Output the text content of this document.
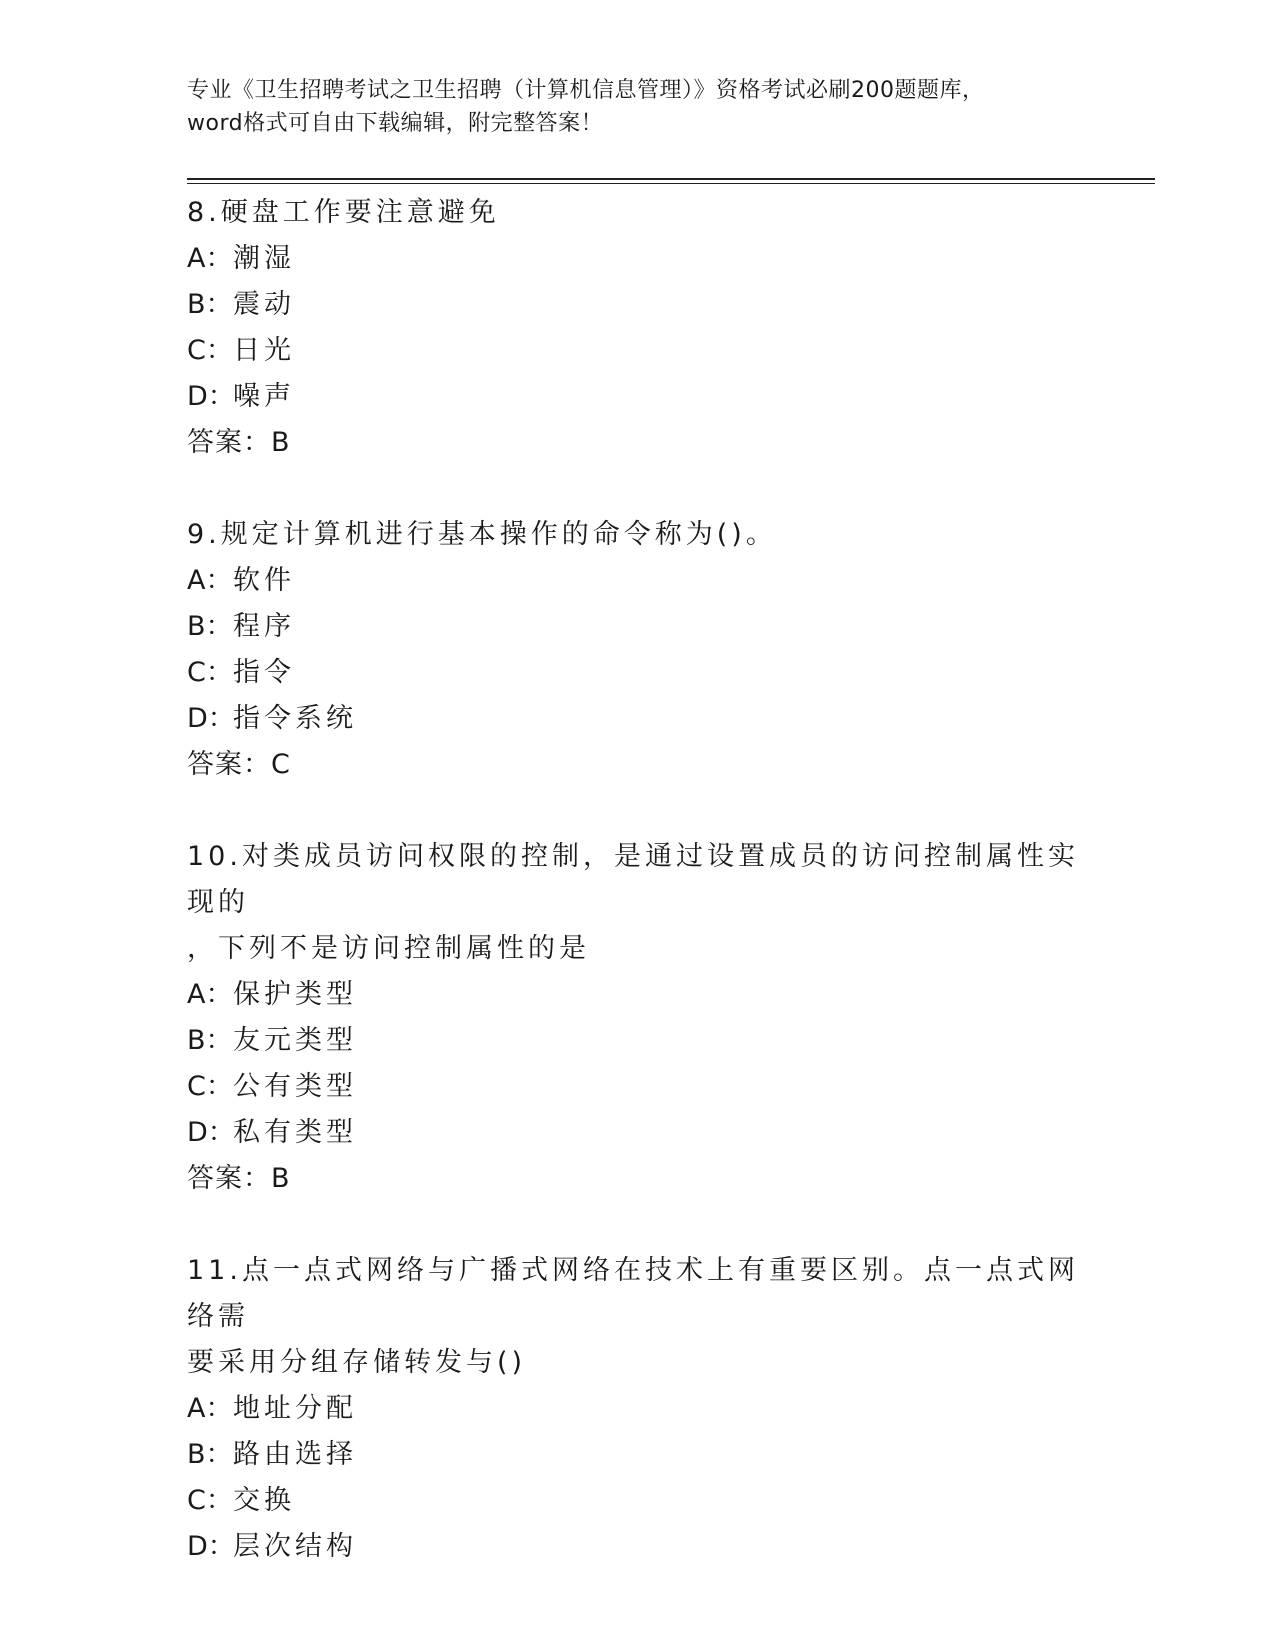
专业《卫生招聘考试之卫生招聘（计算机信息管理）》资格考试必刷200题题库，
word格式可自由下载编辑，附完整答案！
8.硬盘工作要注意避免
A：潮湿
B：震动
C：日光
D：噪声
答案：B
9.规定计算机进行基本操作的命令称为()。
A：软件
B：程序
C：指令
D：指令系统
答案：C
10.对类成员访问权限的控制，是通过设置成员的访问控制属性实现的
，下列不是访问控制属性的是
A：保护类型
B：友元类型
C：公有类型
D：私有类型
答案：B
11.点一点式网络与广播式网络在技术上有重要区别。点一点式网络需
要采用分组存储转发与()
A：地址分配
B：路由选择
C：交换
D：层次结构
